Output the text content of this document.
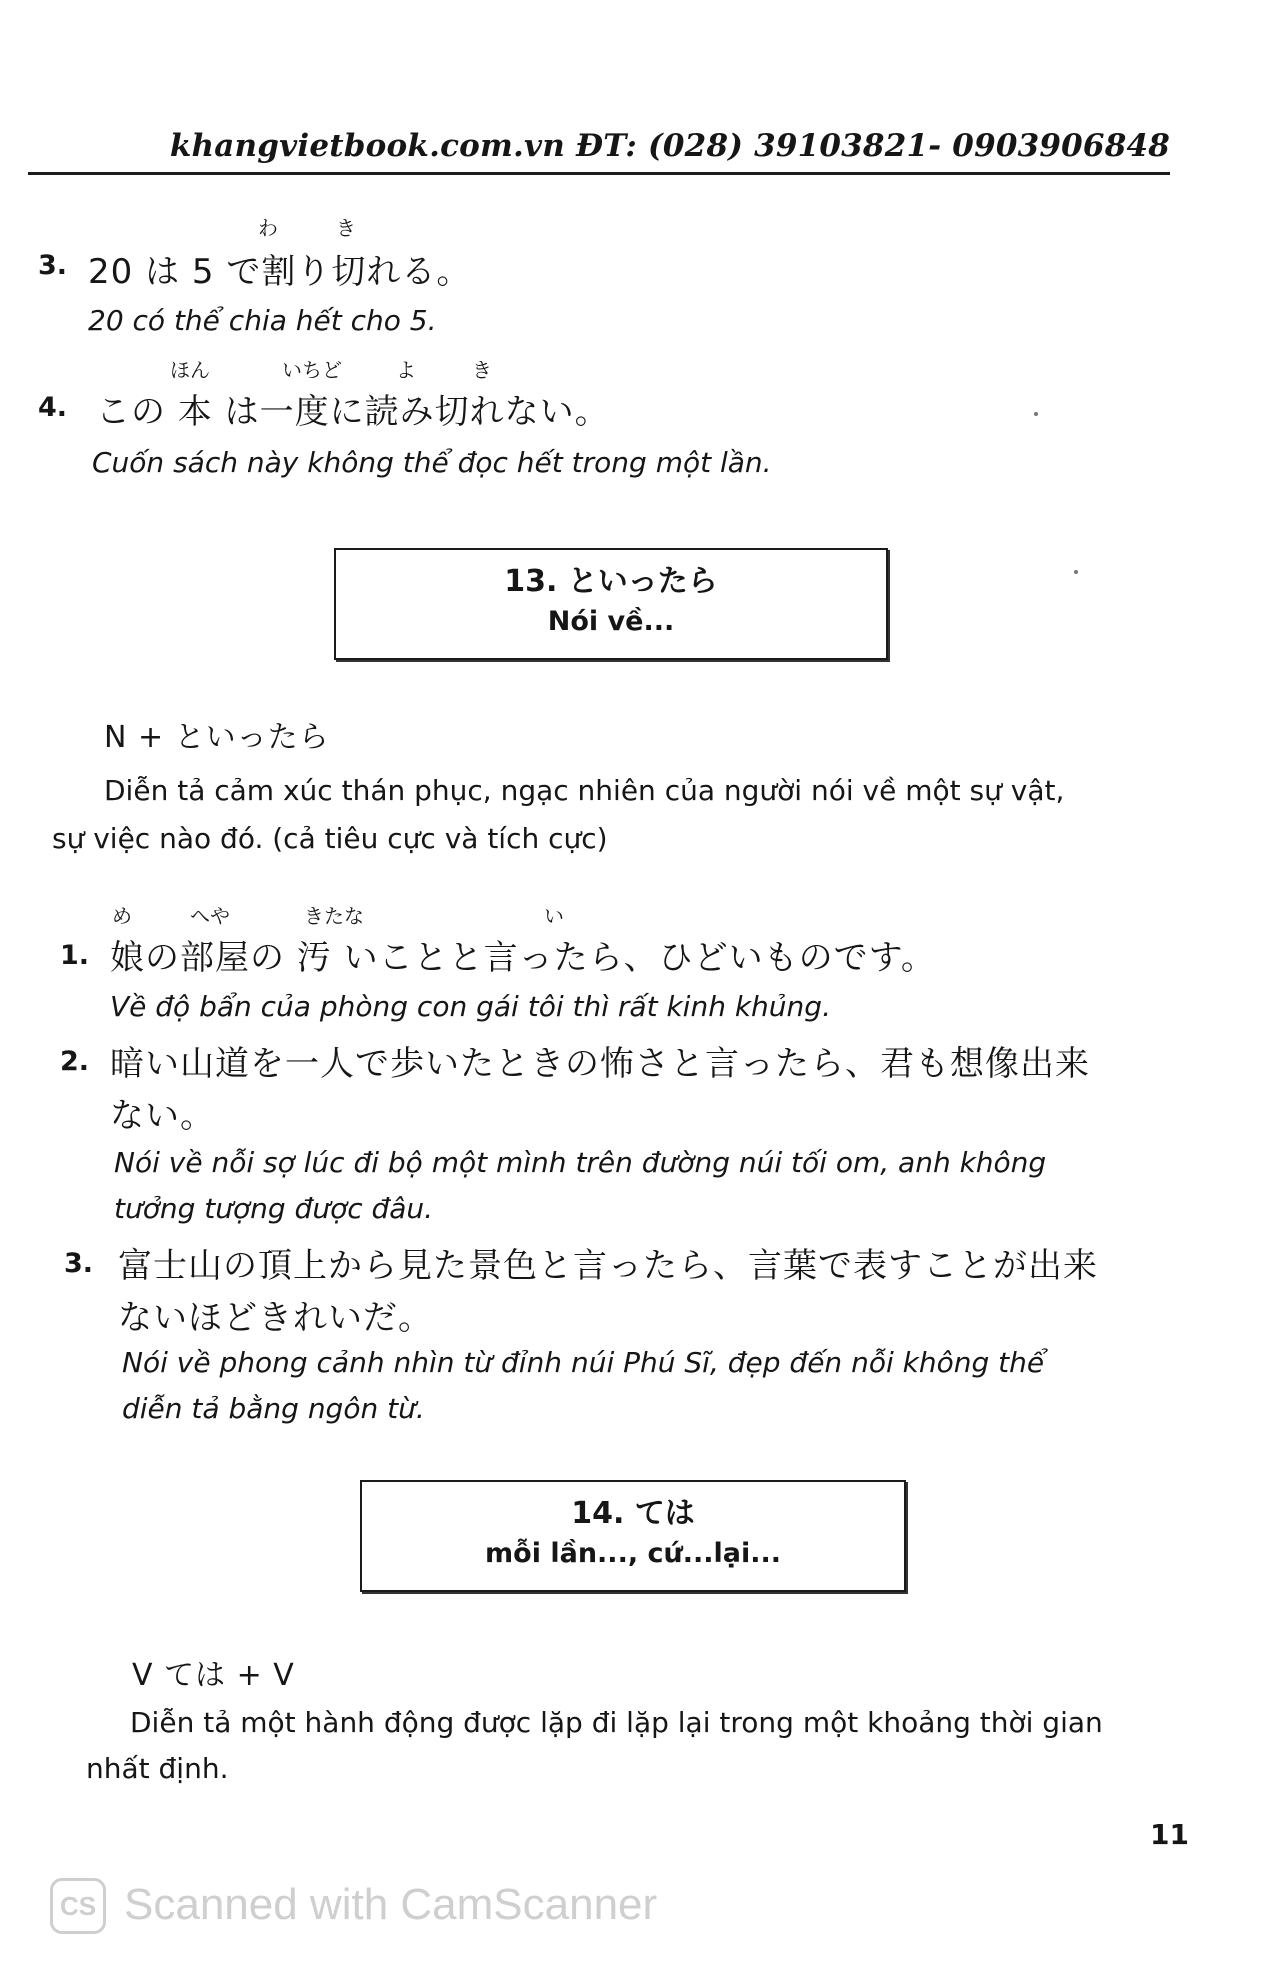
khangvietbook.com.vn ĐT: (028) 39103821- 0903906848
わ	き
3. 20 は 5 で割り切れる。
20 có thể chia hết cho 5.
ほん	いちど	よ	き
4. この 本 は一度に読み切れない。
Cuốn sách này không thể đọc hết trong một lần.
13. といったら
Nói về...
N + といったら
Diễn tả cảm xúc thán phục, ngạc nhiên của người nói về một sự vật,
sự việc nào đó. (cả tiêu cực và tích cực)
め	へや	きたな	い
1. 娘の部屋の 汚 いことと言ったら、ひどいものです。
Về độ bẩn của phòng con gái tôi thì rất kinh khủng.
2. 暗い山道を一人で歩いたときの怖さと言ったら、君も想像出来
ない。
Nói về nỗi sợ lúc đi bộ một mình trên đường núi tối om, anh không
tưởng tượng được đâu.
3. 富士山の頂上から見た景色と言ったら、言葉で表すことが出来
ないほどきれいだ。
Nói về phong cảnh nhìn từ đỉnh núi Phú Sĩ, đẹp đến nỗi không thể
diễn tả bằng ngôn từ.
14. ては
mỗi lần..., cứ...lại...
V ては + V
Diễn tả một hành động được lặp đi lặp lại trong một khoảng thời gian
nhất định.
11
CS Scanned with CamScanner
